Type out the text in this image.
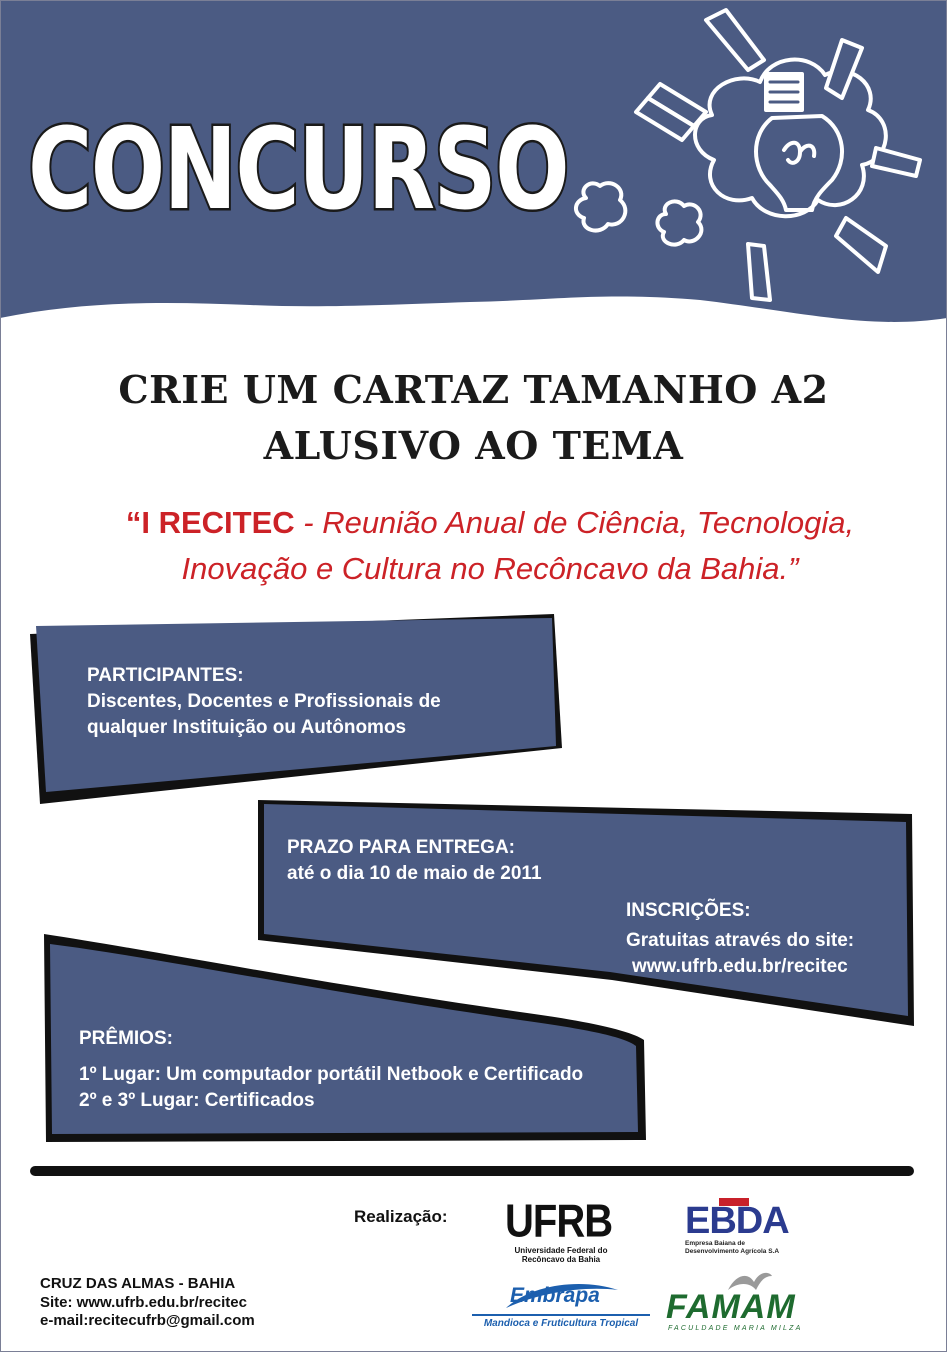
CONCURSO
CRIE UM CARTAZ TAMANHO A2
ALUSIVO AO TEMA
“I RECITEC - Reunião Anual de Ciência, Tecnologia,
Inovação e Cultura no Recôncavo da Bahia.”
PARTICIPANTES:
Discentes, Docentes e Profissionais de
qualquer Instituição ou Autônomos
PRAZO PARA ENTREGA:
até o dia 10 de maio de 2011
INSCRIÇÕES:
Gratuitas através do site:
www.ufrb.edu.br/recitec
PRÊMIOS:
1º Lugar: Um computador portátil Netbook e Certificado
2º e 3º Lugar: Certificados
Realização: UFRB
Universidade Federal do
Recôncavo da Bahia
EBDA
Empresa Baiana de
Desenvolvimento Agrícola S.A
Embrapa
Mandioca e Fruticultura Tropical FAMAM
FACULDADE MARIA MILZA
CRUZ DAS ALMAS - BAHIA
Site: www.ufrb.edu.br/recitec
e-mail:recitecufrb@gmail.com
